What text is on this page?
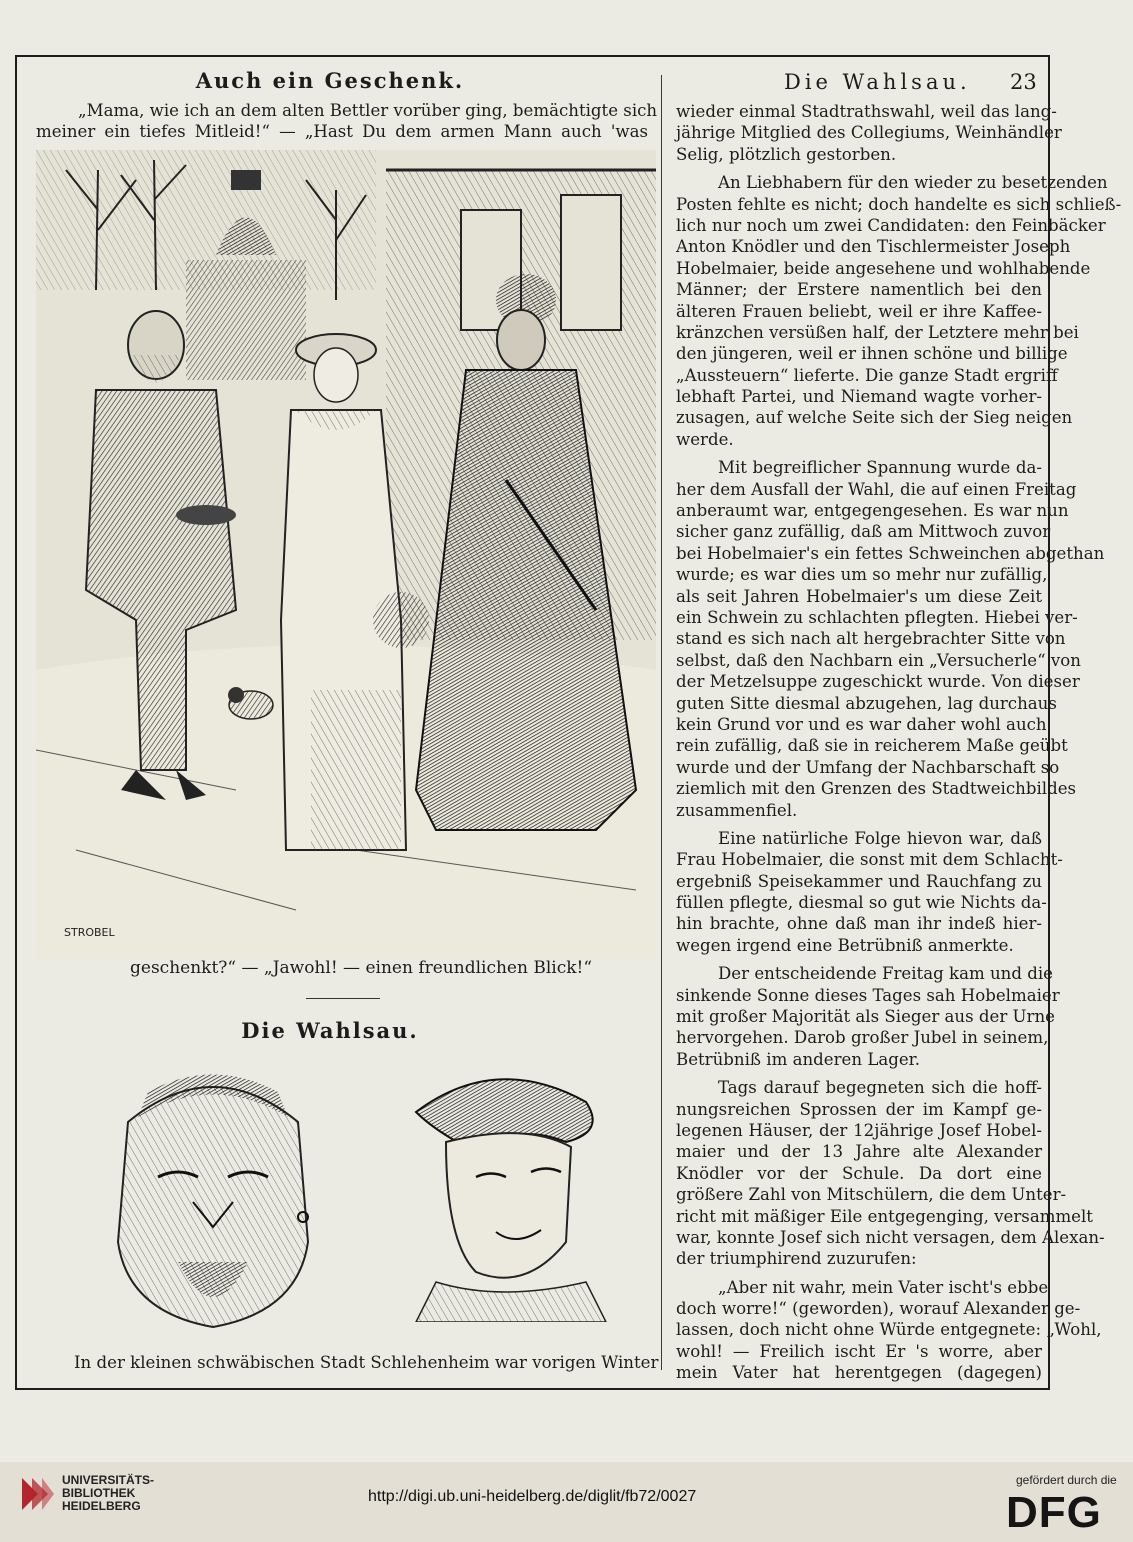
Auch ein Geschenk.	Die Wahlsau. 23
„Mama, wie ich an dem alten Bettler vorüber ging, bemächtigte sich
meiner ein tiefes Mitleid!“ — „Hast Du dem armen Mann auch 'was
STROBEL
geschenkt?“ — „Jawohl! — einen freundlichen Blick!“
Die Wahlsau.
In der kleinen schwäbischen Stadt Schlehenheim war vorigen Winter
wieder einmal Stadtrathswahl, weil das lang-
jährige Mitglied des Collegiums, Weinhändler
Selig, plötzlich gestorben.
An Liebhabern für den wieder zu besetzenden
Posten fehlte es nicht; doch handelte es sich schließ-
lich nur noch um zwei Candidaten: den Feinbäcker
Anton Knödler und den Tischlermeister Joseph
Hobelmaier, beide angesehene und wohlhabende
Männer; der Erstere namentlich bei den
älteren Frauen beliebt, weil er ihre Kaffee-
kränzchen versüßen half, der Letztere mehr bei
den jüngeren, weil er ihnen schöne und billige
„Aussteuern“ lieferte. Die ganze Stadt ergriff
lebhaft Partei, und Niemand wagte vorher-
zusagen, auf welche Seite sich der Sieg neigen
werde.
Mit begreiflicher Spannung wurde da-
her dem Ausfall der Wahl, die auf einen Freitag
anberaumt war, entgegengesehen. Es war nun
sicher ganz zufällig, daß am Mittwoch zuvor
bei Hobelmaier's ein fettes Schweinchen abgethan
wurde; es war dies um so mehr nur zufällig,
als seit Jahren Hobelmaier's um diese Zeit
ein Schwein zu schlachten pflegten. Hiebei ver-
stand es sich nach alt hergebrachter Sitte von
selbst, daß den Nachbarn ein „Versucherle“ von
der Metzelsuppe zugeschickt wurde. Von dieser
guten Sitte diesmal abzugehen, lag durchaus
kein Grund vor und es war daher wohl auch
rein zufällig, daß sie in reicherem Maße geübt
wurde und der Umfang der Nachbarschaft so
ziemlich mit den Grenzen des Stadtweichbildes
zusammenfiel.
Eine natürliche Folge hievon war, daß
Frau Hobelmaier, die sonst mit dem Schlacht-
ergebniß Speisekammer und Rauchfang zu
füllen pflegte, diesmal so gut wie Nichts da-
hin brachte, ohne daß man ihr indeß hier-
wegen irgend eine Betrübniß anmerkte.
Der entscheidende Freitag kam und die
sinkende Sonne dieses Tages sah Hobelmaier
mit großer Majorität als Sieger aus der Urne
hervorgehen. Darob großer Jubel in seinem,
Betrübniß im anderen Lager.
Tags darauf begegneten sich die hoff-
nungsreichen Sprossen der im Kampf ge-
legenen Häuser, der 12jährige Josef Hobel-
maier und der 13 Jahre alte Alexander
Knödler vor der Schule. Da dort eine
größere Zahl von Mitschülern, die dem Unter-
richt mit mäßiger Eile entgegenging, versammelt
war, konnte Josef sich nicht versagen, dem Alexan-
der triumphirend zuzurufen:
„Aber nit wahr, mein Vater ischt's ebbe
doch worre!“ (geworden), worauf Alexander ge-
lassen, doch nicht ohne Würde entgegnete: „Wohl,
wohl! — Freilich ischt Er 's worre, aber
mein Vater hat herentgegen (dagegen)
UNIVERSITÄTS-
BIBLIOTHEK
HEIDELBERG
http://digi.ub.uni-heidelberg.de/diglit/fb72/0027
gefördert durch die
DFG
